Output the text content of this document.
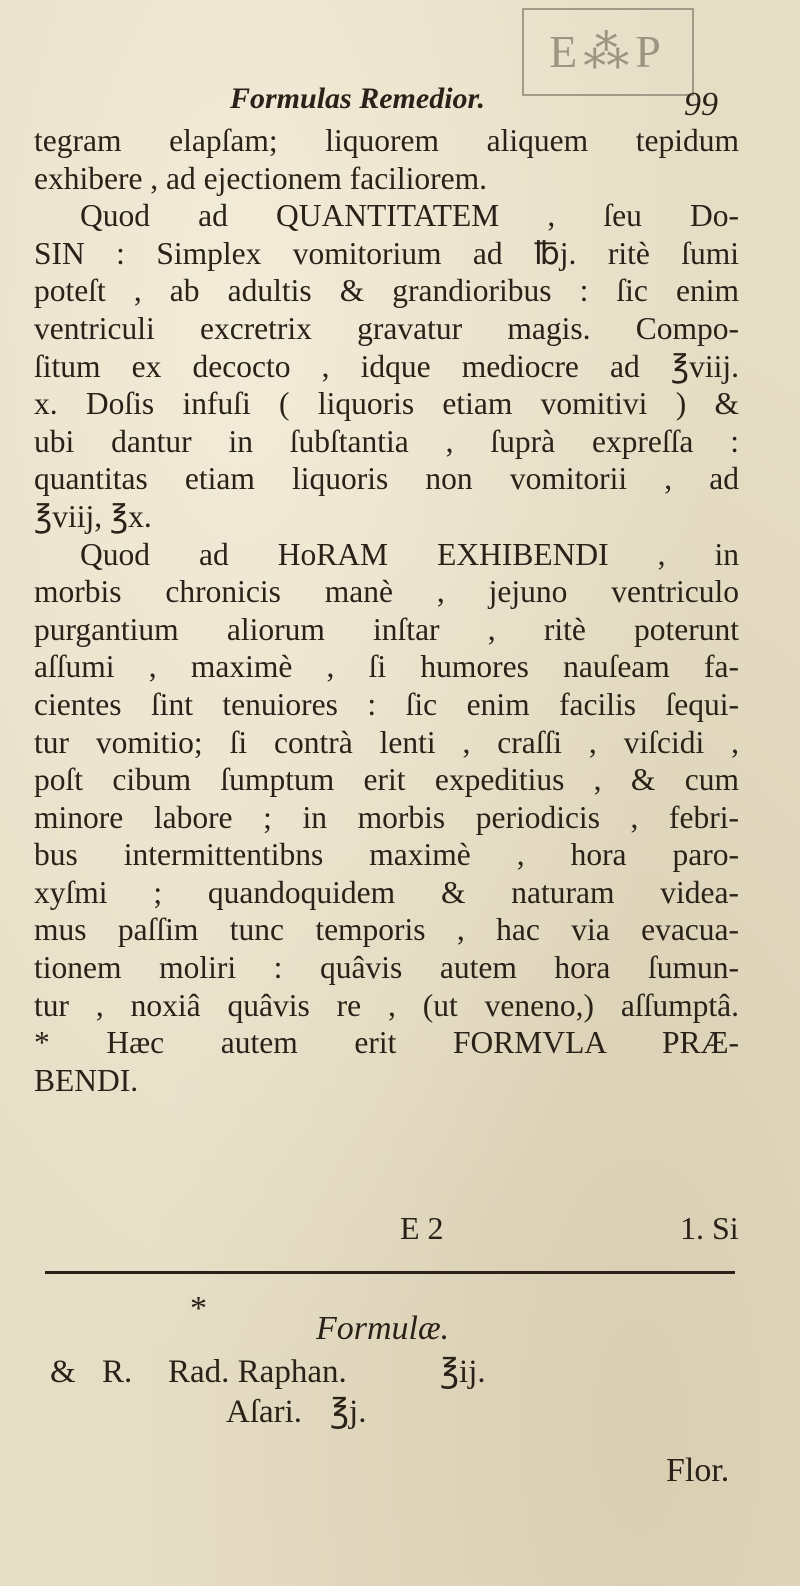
E⁂P
Formulas Remedior.	99
tegram elapſam; liquorem aliquem tepidum
exhibere , ad ejectionem faciliorem.
Quod ad QUANTITATEM , ſeu Do-
SIN : Simplex vomitorium ad ℔j. ritè ſumi
poteſt , ab adultis & grandioribus : ſic enim
ventriculi excretrix gravatur magis. Compo-
ſitum ex decocto , idque mediocre ad ℥viij.
x. Doſis infuſi ( liquoris etiam vomitivi ) &
ubi dantur in ſubſtantia , ſuprà expreſſa :
quantitas etiam liquoris non vomitorii , ad
℥viij, ℥x.
Quod ad HoRAM EXHIBENDI , in
morbis chronicis manè , jejuno ventriculo
purgantium aliorum inſtar , ritè poterunt
aſſumi , maximè , ſi humores nauſeam fa-
cientes ſint tenuiores : ſic enim facilis ſequi-
tur vomitio; ſi contrà lenti , craſſi , viſcidi ,
poſt cibum ſumptum erit expeditius , & cum
minore labore ; in morbis periodicis , febri-
bus intermittentibns maximè , hora paro-
xyſmi ; quandoquidem & naturam videa-
mus paſſim tunc temporis , hac via evacua-
tionem moliri : quâvis autem hora ſumun-
tur , noxiâ quâvis re , (ut veneno,) aſſumptâ.
* Hæc autem erit FORMVLA PRÆ-
BENDI.
E 2	1. Si
*
Formulæ.
& R. Rad. Raphan.	℥ij.
Aſari. ℥j.
Flor.
